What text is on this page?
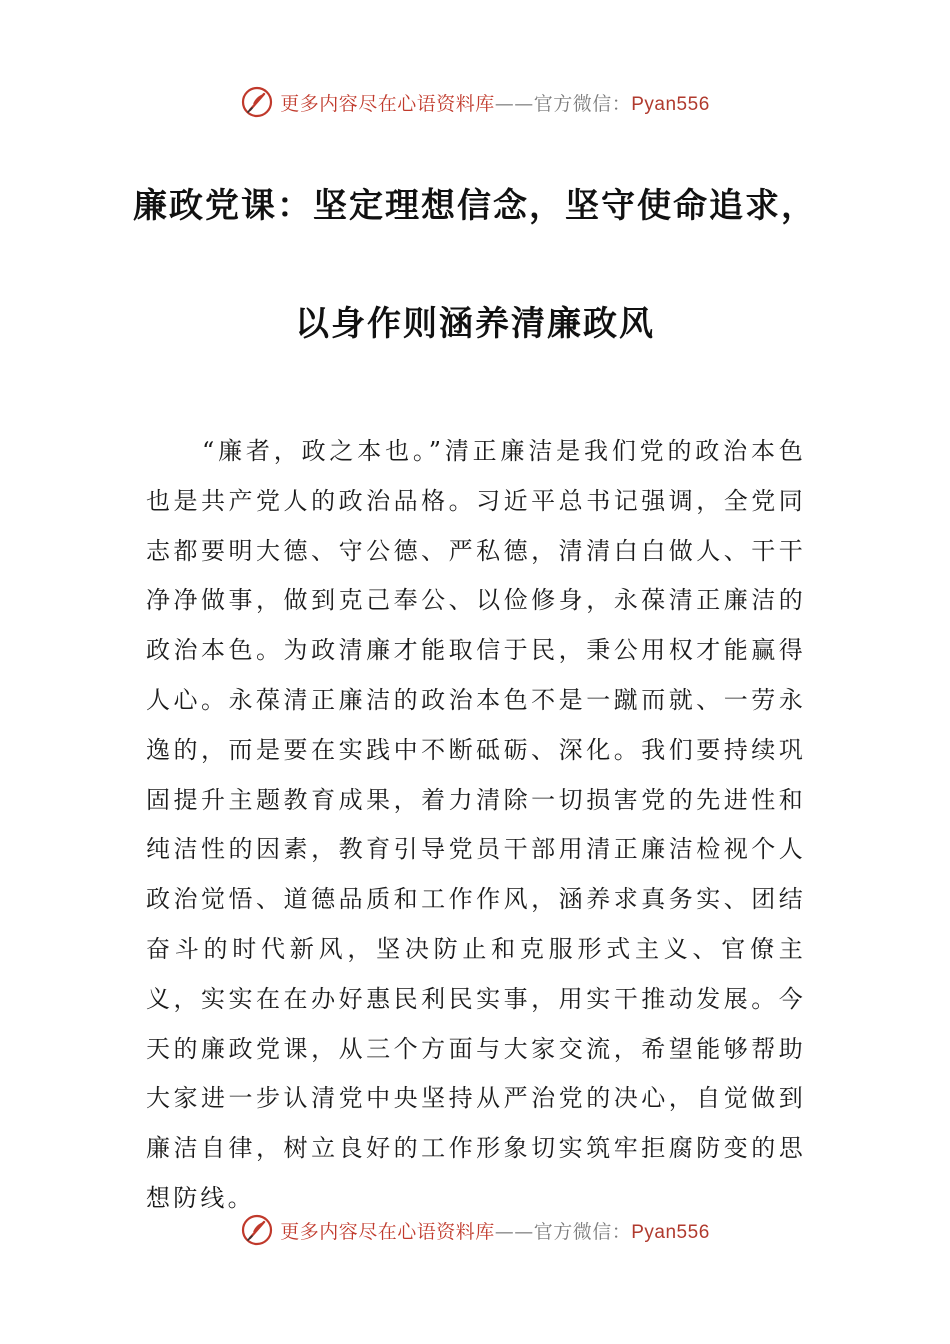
更多内容尽在心语资料库——官方微信：Pyan556
廉政党课：坚定理想信念，坚守使命追求，
以身作则涵养清廉政风

“廉者，政之本也。”清正廉洁是我们党的政治本色也是共产党人的政治品格。习近平总书记强调，全党同志都要明大德、守公德、严私德，清清白白做人、干干净净做事，做到克己奉公、以俭修身，永葆清正廉洁的政治本色。为政清廉才能取信于民，秉公用权才能赢得人心。永葆清正廉洁的政治本色不是一蹴而就、一劳永逸的，而是要在实践中不断砥砺、深化。我们要持续巩固提升主题教育成果，着力清除一切损害党的先进性和纯洁性的因素，教育引导党员干部用清正廉洁检视个人政治觉悟、道德品质和工作作风，涵养求真务实、团结奋斗的时代新风，坚决防止和克服形式主义、官僚主义，实实在在办好惠民利民实事，用实干推动发展。今天的廉政党课，从三个方面与大家交流，希望能够帮助大家进一步认清党中央坚持从严治党的决心，自觉做到廉洁自律，树立良好的工作形象切实筑牢拒腐防变的思想防线。

更多内容尽在心语资料库——官方微信：Pyan556
